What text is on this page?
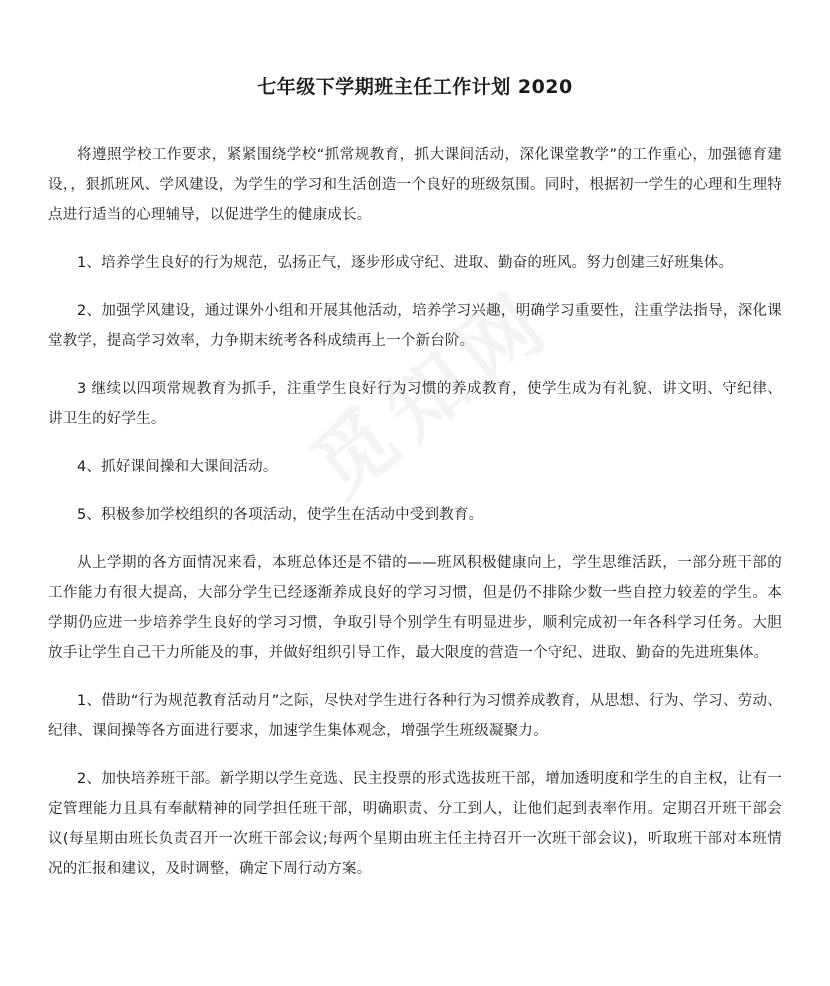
七年级下学期班主任工作计划 2020

将遵照学校工作要求，紧紧围绕学校“抓常规教育，抓大课间活动，深化课堂教学”的工作重心，加强德育建设，，狠抓班风、学风建设，为学生的学习和生活创造一个良好的班级氛围。同时，根据初一学生的心理和生理特点进行适当的心理辅导，以促进学生的健康成长。

1、培养学生良好的行为规范，弘扬正气，逐步形成守纪、进取、勤奋的班风。努力创建三好班集体。

2、加强学风建设，通过课外小组和开展其他活动，培养学习兴趣，明确学习重要性，注重学法指导，深化课堂教学，提高学习效率，力争期末统考各科成绩再上一个新台阶。

3 继续以四项常规教育为抓手，注重学生良好行为习惯的养成教育，使学生成为有礼貌、讲文明、守纪律、讲卫生的好学生。

4、抓好课间操和大课间活动。

5、积极参加学校组织的各项活动，使学生在活动中受到教育。

从上学期的各方面情况来看，本班总体还是不错的——班风积极健康向上，学生思维活跃，一部分班干部的工作能力有很大提高，大部分学生已经逐渐养成良好的学习习惯，但是仍不排除少数一些自控力较差的学生。本学期仍应进一步培养学生良好的学习习惯，争取引导个别学生有明显进步，顺利完成初一年各科学习任务。大胆放手让学生自己干力所能及的事，并做好组织引导工作，最大限度的营造一个守纪、进取、勤奋的先进班集体。

1、借助“行为规范教育活动月”之际，尽快对学生进行各种行为习惯养成教育，从思想、行为、学习、劳动、纪律、课间操等各方面进行要求，加速学生集体观念，增强学生班级凝聚力。

2、加快培养班干部。新学期以学生竞选、民主投票的形式选拔班干部，增加透明度和学生的自主权，让有一定管理能力且具有奉献精神的同学担任班干部，明确职责、分工到人，让他们起到表率作用。定期召开班干部会议(每星期由班长负责召开一次班干部会议;每两个星期由班主任主持召开一次班干部会议)，听取班干部对本班情况的汇报和建议，及时调整，确定下周行动方案。
